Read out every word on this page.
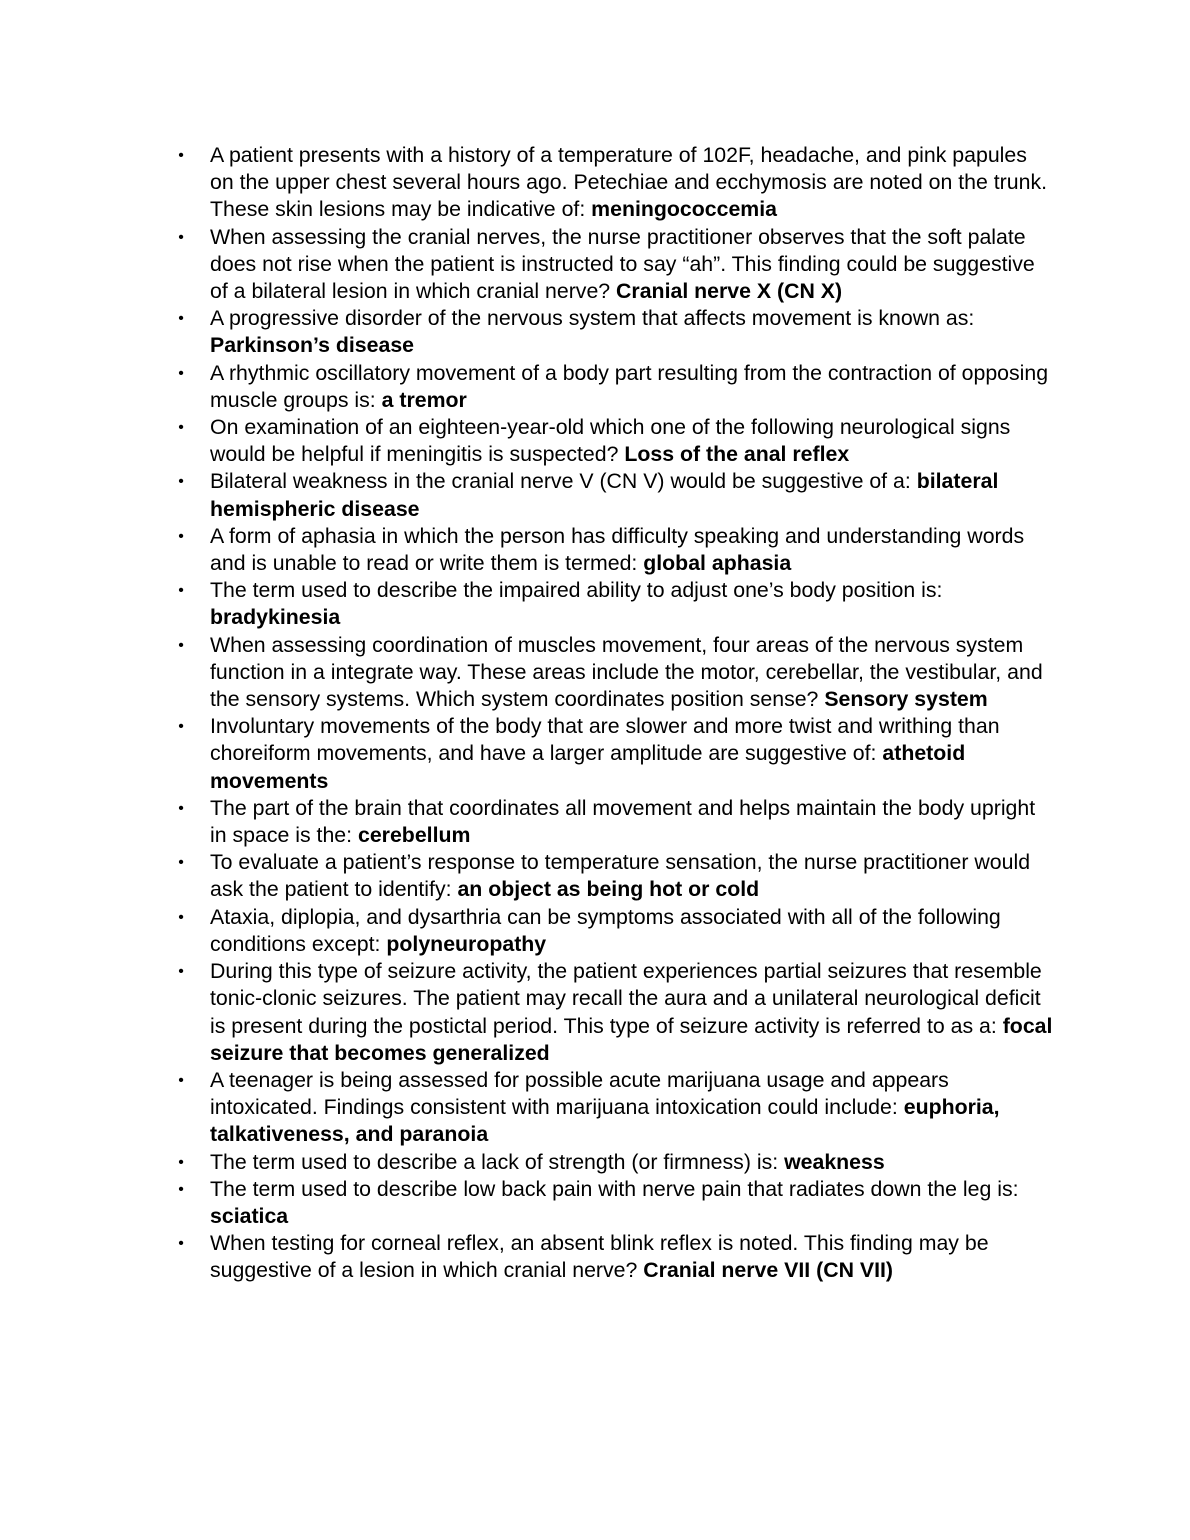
• A patient presents with a history of a temperature of 102F, headache, and pink papules on the upper chest several hours ago. Petechiae and ecchymosis are noted on the trunk. These skin lesions may be indicative of: meningococcemia
• When assessing the cranial nerves, the nurse practitioner observes that the soft palate does not rise when the patient is instructed to say “ah”. This finding could be suggestive of a bilateral lesion in which cranial nerve? Cranial nerve X (CN X)
• A progressive disorder of the nervous system that affects movement is known as: Parkinson’s disease
• A rhythmic oscillatory movement of a body part resulting from the contraction of opposing muscle groups is: a tremor
• On examination of an eighteen-year-old which one of the following neurological signs would be helpful if meningitis is suspected? Loss of the anal reflex
• Bilateral weakness in the cranial nerve V (CN V) would be suggestive of a: bilateral hemispheric disease
• A form of aphasia in which the person has difficulty speaking and understanding words and is unable to read or write them is termed: global aphasia
• The term used to describe the impaired ability to adjust one’s body position is: bradykinesia
• When assessing coordination of muscles movement, four areas of the nervous system function in a integrate way. These areas include the motor, cerebellar, the vestibular, and the sensory systems. Which system coordinates position sense? Sensory system
• Involuntary movements of the body that are slower and more twist and writhing than choreiform movements, and have a larger amplitude are suggestive of: athetoid movements
• The part of the brain that coordinates all movement and helps maintain the body upright in space is the: cerebellum
• To evaluate a patient’s response to temperature sensation, the nurse practitioner would ask the patient to identify: an object as being hot or cold
• Ataxia, diplopia, and dysarthria can be symptoms associated with all of the following conditions except: polyneuropathy
• During this type of seizure activity, the patient experiences partial seizures that resemble tonic-clonic seizures. The patient may recall the aura and a unilateral neurological deficit is present during the postictal period. This type of seizure activity is referred to as a: focal seizure that becomes generalized
• A teenager is being assessed for possible acute marijuana usage and appears intoxicated. Findings consistent with marijuana intoxication could include: euphoria, talkativeness, and paranoia
• The term used to describe a lack of strength (or firmness) is: weakness
• The term used to describe low back pain with nerve pain that radiates down the leg is: sciatica
• When testing for corneal reflex, an absent blink reflex is noted. This finding may be suggestive of a lesion in which cranial nerve? Cranial nerve VII (CN VII)
